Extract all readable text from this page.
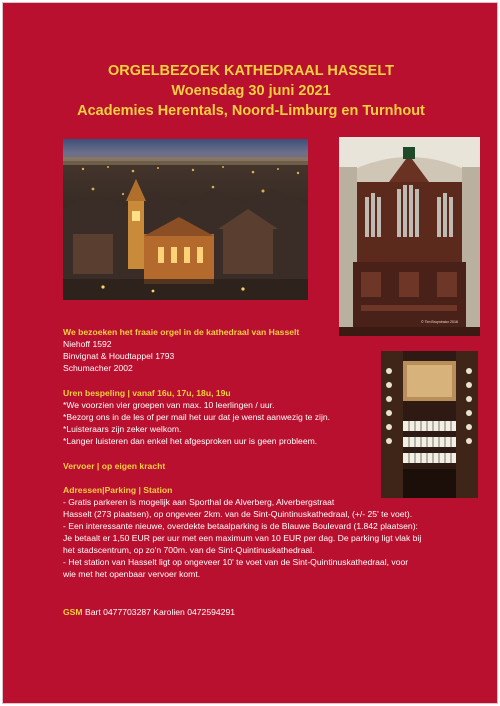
ORGELBEZOEK KATHEDRAAL HASSELT
Woensdag 30 juni 2021
Academies Herentals, Noord-Limburg en Turnhout
© Tim Bruyninckx 2016
We bezoeken het fraaie orgel in de kathedraal van Hasselt
Niehoff 1592
Binvignat & Houdtappel 1793
Schumacher 2002
Uren bespeling | vanaf 16u, 17u, 18u, 19u
*We voorzien vier groepen van max. 10 leerlingen / uur.
*Bezorg ons in de les of per mail het uur dat je wenst aanwezig te zijn.
*Luisteraars zijn zeker welkom.
*Langer luisteren dan enkel het afgesproken uur is geen probleem.
Vervoer | op eigen kracht
Adressen|Parking | Station
- Gratis parkeren is mogelijk aan Sporthal de Alverberg, Alverbergstraat
Hasselt (273 plaatsen), op ongeveer 2km. van de Sint-Quintinuskathedraal, (+/- 25' te voet).
- Een interessante nieuwe, overdekte betaalparking is de Blauwe Boulevard (1.842 plaatsen):
Je betaalt er 1,50 EUR per uur met een maximum van 10 EUR per dag. De parking ligt vlak bij
het stadscentrum, op zo'n 700m. van de Sint-Quintinuskathedraal.
- Het station van Hasselt ligt op ongeveer 10' te voet van de Sint-Quintinuskathedraal, voor
wie met het openbaar vervoer komt.
GSM Bart 0477703287 Karolien 0472594291
